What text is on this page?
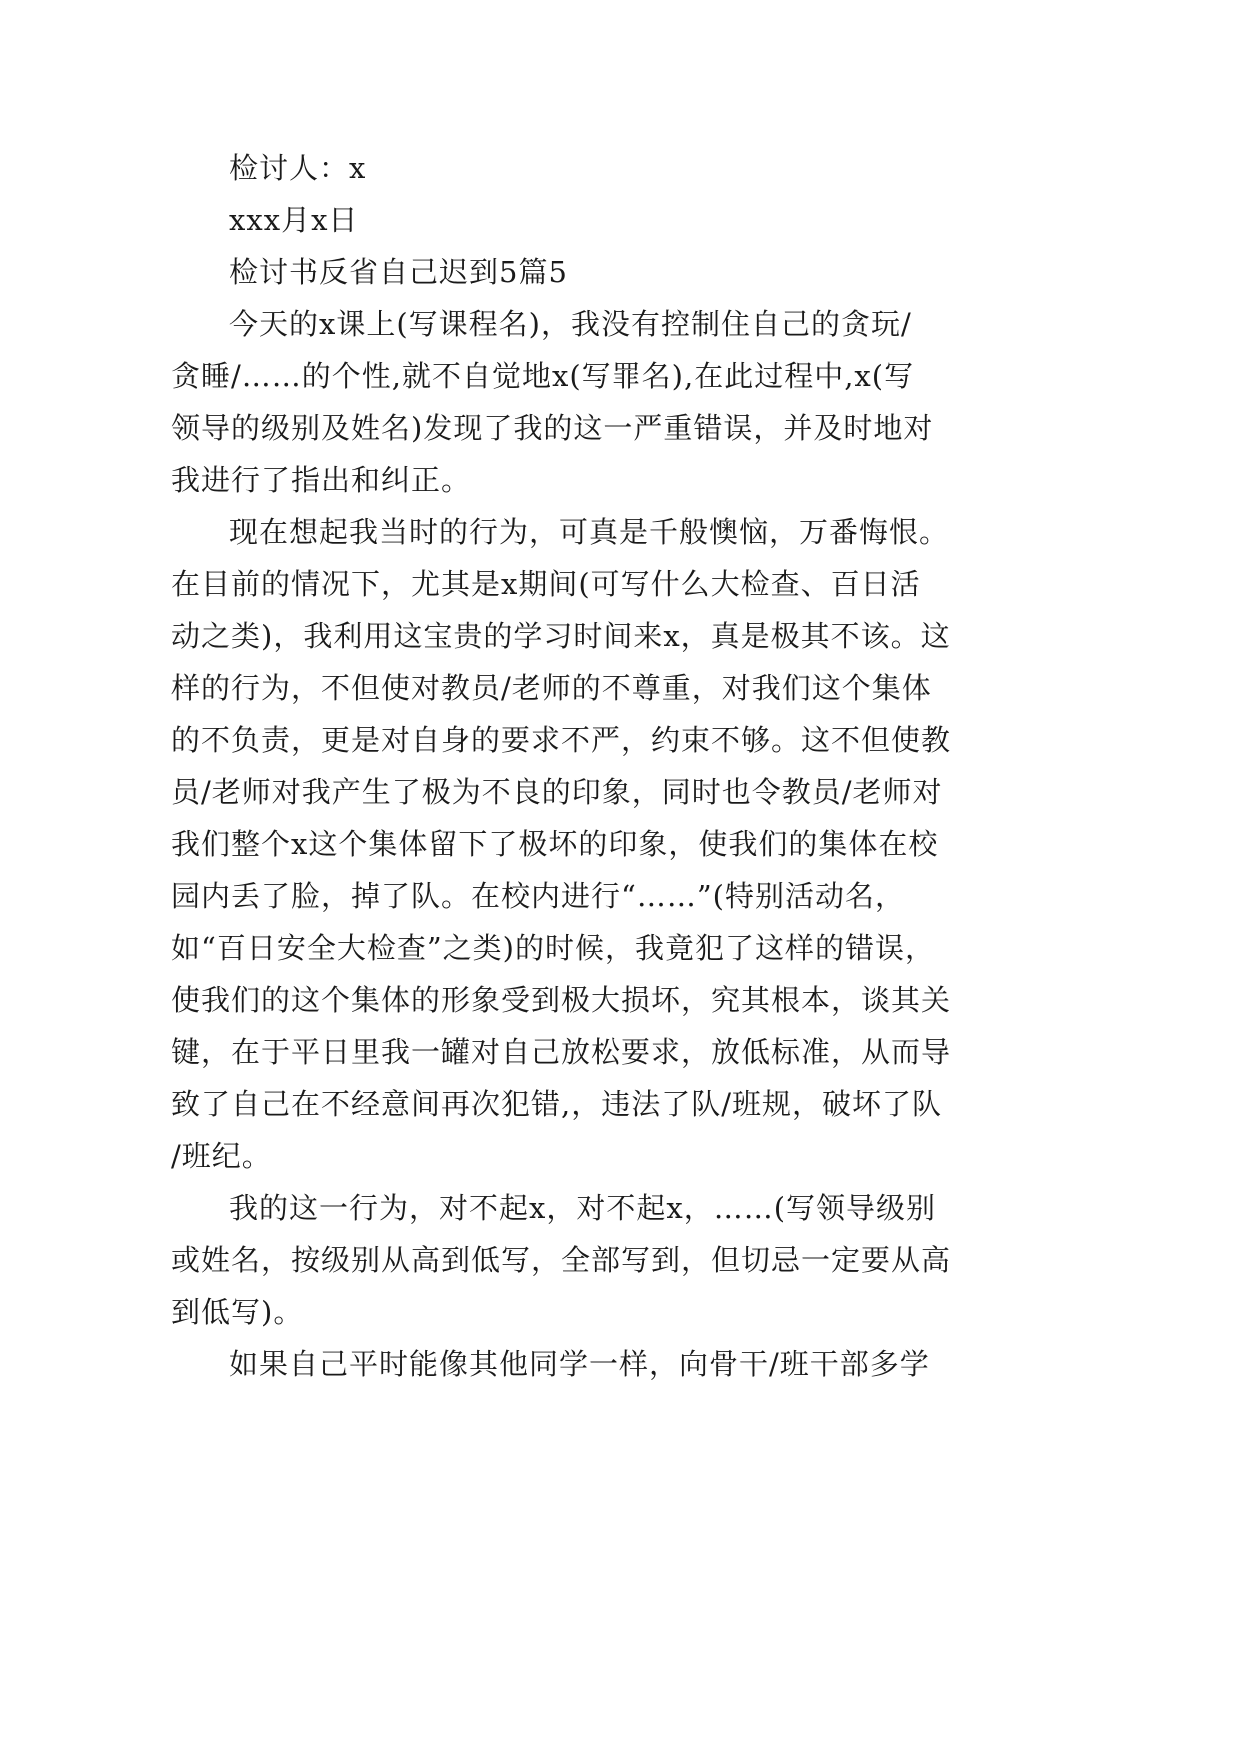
检讨人：x
xxx月x日
检讨书反省自己迟到5篇5
今天的x课上(写课程名)，我没有控制住自己的贪玩/
贪睡/……的个性,就不自觉地x(写罪名),在此过程中,x(写
领导的级别及姓名)发现了我的这一严重错误，并及时地对
我进行了指出和纠正。
现在想起我当时的行为，可真是千般懊恼，万番悔恨。
在目前的情况下，尤其是x期间(可写什么大检查、百日活
动之类)，我利用这宝贵的学习时间来x，真是极其不该。这
样的行为，不但使对教员/老师的不尊重，对我们这个集体
的不负责，更是对自身的要求不严，约束不够。这不但使教
员/老师对我产生了极为不良的印象，同时也令教员/老师对
我们整个x这个集体留下了极坏的印象，使我们的集体在校
园内丢了脸，掉了队。在校内进行“……”(特别活动名，
如“百日安全大检查”之类)的时候，我竟犯了这样的错误，
使我们的这个集体的形象受到极大损坏，究其根本，谈其关
键，在于平日里我一罐对自己放松要求，放低标准，从而导
致了自己在不经意间再次犯错,，违法了队/班规，破坏了队
/班纪。
我的这一行为，对不起x，对不起x，……(写领导级别
或姓名，按级别从高到低写，全部写到，但切忌一定要从高
到低写)。
如果自己平时能像其他同学一样，向骨干/班干部多学
